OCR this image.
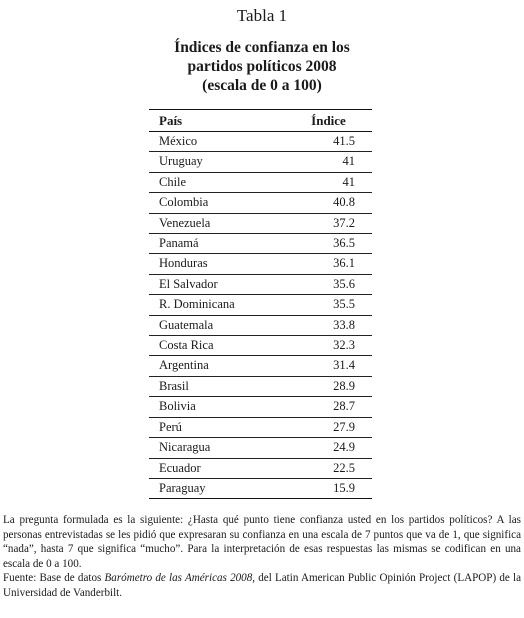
Tabla 1
Índices de confianza en los
partidos políticos 2008
(escala de 0 a 100)
País	Índice
México	41.5
Uruguay	41
Chile	41
Colombia	40.8
Venezuela	37.2
Panamá	36.5
Honduras	36.1
El Salvador	35.6
R. Dominicana	35.5
Guatemala	33.8
Costa Rica	32.3
Argentina	31.4
Brasil	28.9
Bolivia	28.7
Perú	27.9
Nicaragua	24.9
Ecuador	22.5
Paraguay	15.9

La pregunta formulada es la siguiente: ¿Hasta qué punto tiene confianza usted en los partidos políticos? A las personas entrevistadas se les pidió que expresaran su confianza en una escala de 7 puntos que va de 1, que significa “nada”, hasta 7 que significa “mucho”. Para la interpretación de esas respuestas las mismas se codifican en una escala de 0 a 100.

Fuente: Base de datos Barómetro de las Américas 2008, del Latin American Public Opinión Project (LAPOP) de la Universidad de Vanderbilt.
